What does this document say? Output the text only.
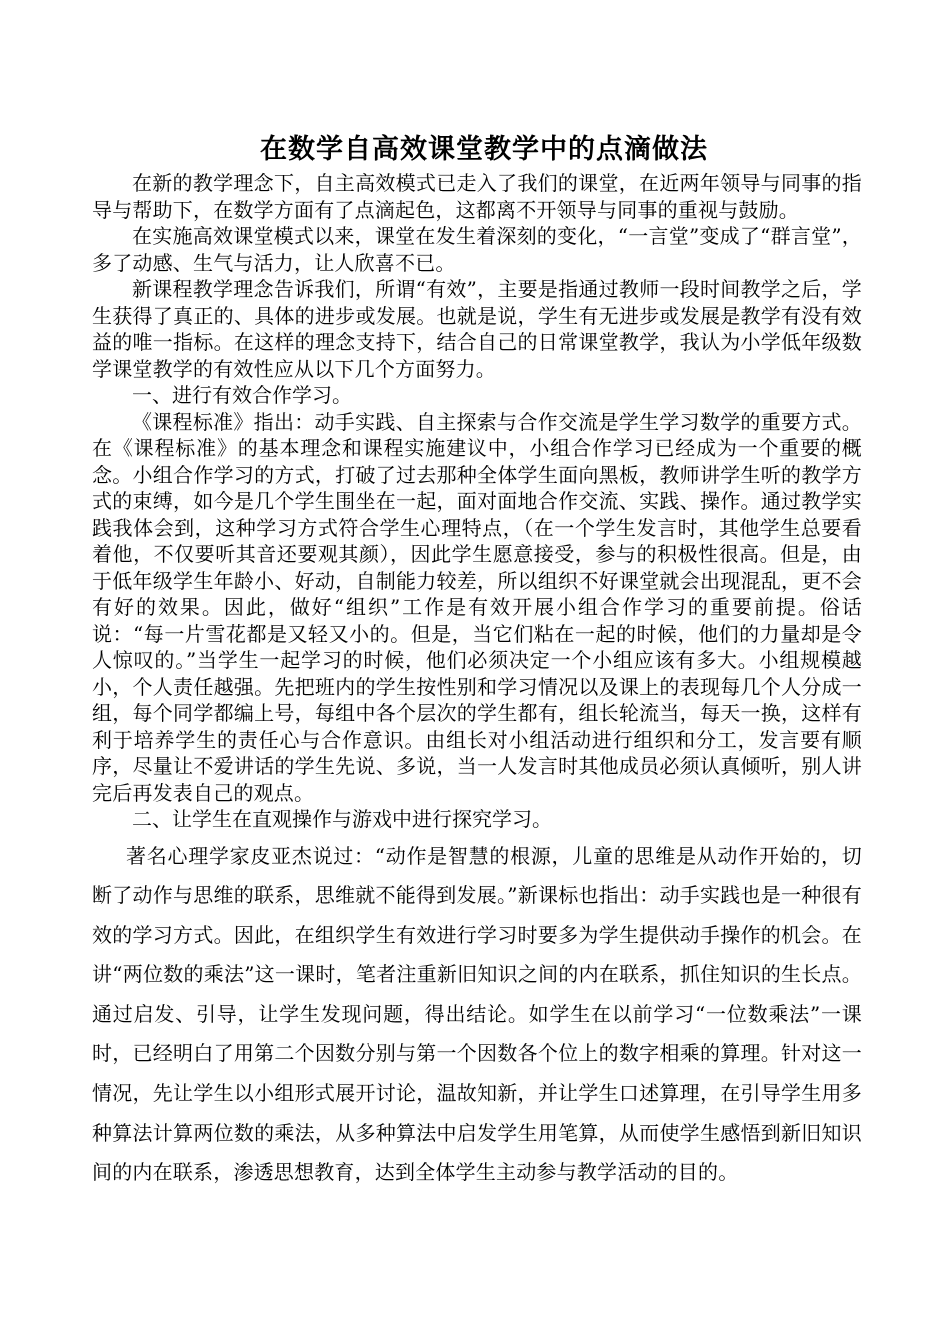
在数学自高效课堂教学中的点滴做法

在新的教学理念下，自主高效模式已走入了我们的课堂，在近两年领导与同事的指导与帮助下，在数学方面有了点滴起色，这都离不开领导与同事的重视与鼓励。

在实施高效课堂模式以来，课堂在发生着深刻的变化，“一言堂”变成了“群言堂”，多了动感、生气与活力，让人欣喜不已。

新课程教学理念告诉我们，所谓“有效”，主要是指通过教师一段时间教学之后，学生获得了真正的、具体的进步或发展。也就是说，学生有无进步或发展是教学有没有效益的唯一指标。在这样的理念支持下，结合自己的日常课堂教学，我认为小学低年级数学课堂教学的有效性应从以下几个方面努力。

一、进行有效合作学习。

《课程标准》指出：动手实践、自主探索与合作交流是学生学习数学的重要方式。在《课程标准》的基本理念和课程实施建议中，小组合作学习已经成为一个重要的概念。小组合作学习的方式，打破了过去那种全体学生面向黑板，教师讲学生听的教学方式的束缚，如今是几个学生围坐在一起，面对面地合作交流、实践、操作。通过教学实践我体会到，这种学习方式符合学生心理特点，（在一个学生发言时，其他学生总要看着他，不仅要听其音还要观其颜），因此学生愿意接受，参与的积极性很高。但是，由于低年级学生年龄小、好动，自制能力较差，所以组织不好课堂就会出现混乱，更不会有好的效果。因此，做好“组织”工作是有效开展小组合作学习的重要前提。俗话说：“每一片雪花都是又轻又小的。但是，当它们粘在一起的时候，他们的力量却是令人惊叹的。”当学生一起学习的时候，他们必须决定一个小组应该有多大。小组规模越小，个人责任越强。先把班内的学生按性别和学习情况以及课上的表现每几个人分成一组，每个同学都编上号，每组中各个层次的学生都有，组长轮流当，每天一换，这样有利于培养学生的责任心与合作意识。由组长对小组活动进行组织和分工，发言要有顺序，尽量让不爱讲话的学生先说、多说，当一人发言时其他成员必须认真倾听，别人讲完后再发表自己的观点。

二、让学生在直观操作与游戏中进行探究学习。

著名心理学家皮亚杰说过：“动作是智慧的根源，儿童的思维是从动作开始的，切断了动作与思维的联系，思维就不能得到发展。”新课标也指出：动手实践也是一种很有效的学习方式。因此，在组织学生有效进行学习时要多为学生提供动手操作的机会。在讲“两位数的乘法”这一课时，笔者注重新旧知识之间的内在联系，抓住知识的生长点。通过启发、引导，让学生发现问题，得出结论。如学生在以前学习“一位数乘法”一课时，已经明白了用第二个因数分别与第一个因数各个位上的数字相乘的算理。针对这一情况，先让学生以小组形式展开讨论，温故知新，并让学生口述算理，在引导学生用多种算法计算两位数的乘法，从多种算法中启发学生用笔算，从而使学生感悟到新旧知识间的内在联系，渗透思想教育，达到全体学生主动参与教学活动的目的。
